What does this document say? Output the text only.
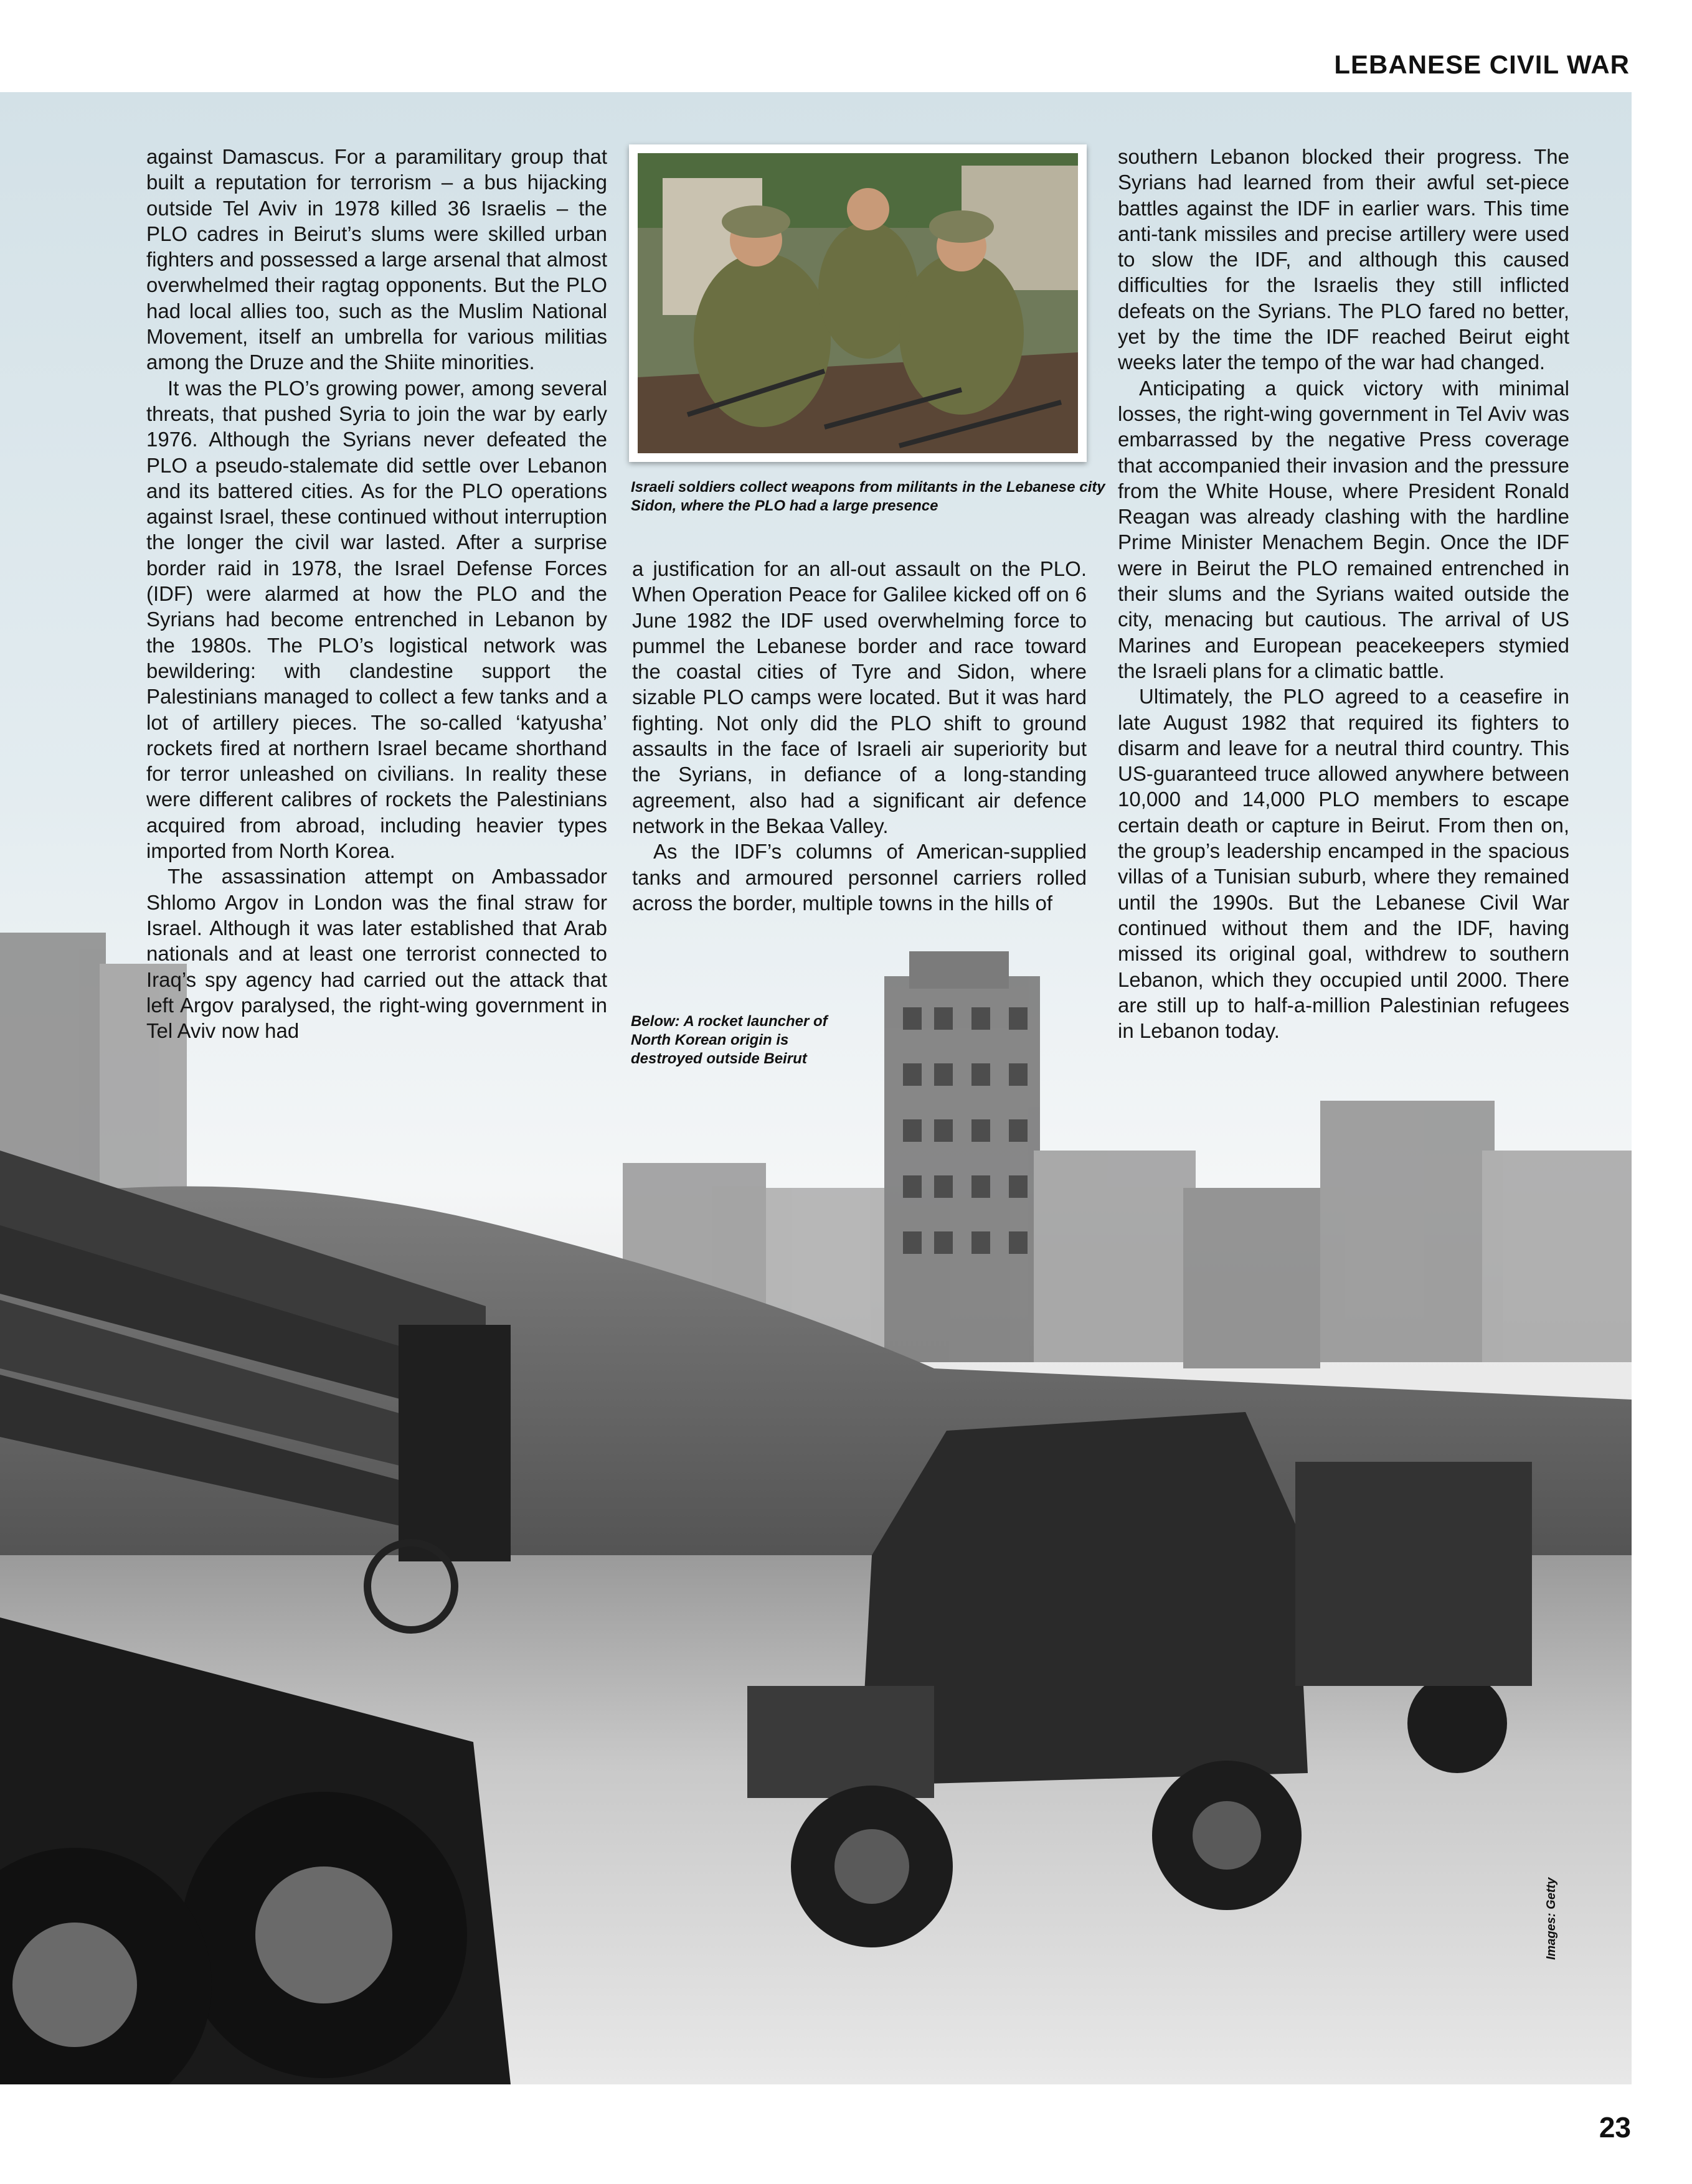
LEBANESE CIVIL WAR

against Damascus. For a paramilitary group that built a reputation for terrorism – a bus hijacking outside Tel Aviv in 1978 killed 36 Israelis – the PLO cadres in Beirut’s slums were skilled urban fighters and possessed a large arsenal that almost overwhelmed their ragtag opponents. But the PLO had local allies too, such as the Muslim National Movement, itself an umbrella for various militias among the Druze and the Shiite minorities.

It was the PLO’s growing power, among several threats, that pushed Syria to join the war by early 1976. Although the Syrians never defeated the PLO a pseudo-stalemate did settle over Lebanon and its battered cities. As for the PLO operations against Israel, these continued without interruption the longer the civil war lasted. After a surprise border raid in 1978, the Israel Defense Forces (IDF) were alarmed at how the PLO and the Syrians had become entrenched in Lebanon by the 1980s. The PLO’s logistical network was bewildering: with clandestine support the Palestinians managed to collect a few tanks and a lot of artillery pieces. The so-called ‘katyusha’ rockets fired at northern Israel became shorthand for terror unleashed on civilians. In reality these were different calibres of rockets the Palestinians acquired from abroad, including heavier types imported from North Korea.

The assassination attempt on Ambassador Shlomo Argov in London was the final straw for Israel. Although it was later established that Arab nationals and at least one terrorist connected to Iraq’s spy agency had carried out the attack that left Argov paralysed, the right-wing government in Tel Aviv now had

Israeli soldiers collect weapons from militants in the Lebanese city Sidon, where the PLO had a large presence

a justification for an all-out assault on the PLO. When Operation Peace for Galilee kicked off on 6 June 1982 the IDF used overwhelming force to pummel the Lebanese border and race toward the coastal cities of Tyre and Sidon, where sizable PLO camps were located. But it was hard fighting. Not only did the PLO shift to ground assaults in the face of Israeli air superiority but the Syrians, in defiance of a long-standing agreement, also had a significant air defence network in the Bekaa Valley.

As the IDF’s columns of American-supplied tanks and armoured personnel carriers rolled across the border, multiple towns in the hills of

Below: A rocket launcher of North Korean origin is destroyed outside Beirut

southern Lebanon blocked their progress. The Syrians had learned from their awful set-piece battles against the IDF in earlier wars. This time anti-tank missiles and precise artillery were used to slow the IDF, and although this caused difficulties for the Israelis they still inflicted defeats on the Syrians. The PLO fared no better, yet by the time the IDF reached Beirut eight weeks later the tempo of the war had changed.

Anticipating a quick victory with minimal losses, the right-wing government in Tel Aviv was embarrassed by the negative Press coverage that accompanied their invasion and the pressure from the White House, where President Ronald Reagan was already clashing with the hardline Prime Minister Menachem Begin. Once the IDF were in Beirut the PLO remained entrenched in their slums and the Syrians waited outside the city, menacing but cautious. The arrival of US Marines and European peacekeepers stymied the Israeli plans for a climatic battle.

Ultimately, the PLO agreed to a ceasefire in late August 1982 that required its fighters to disarm and leave for a neutral third country. This US-guaranteed truce allowed anywhere between 10,000 and 14,000 PLO members to escape certain death or capture in Beirut. From then on, the group’s leadership encamped in the spacious villas of a Tunisian suburb, where they remained until the 1990s. But the Lebanese Civil War continued without them and the IDF, having missed its original goal, withdrew to southern Lebanon, which they occupied until 2000. There are still up to half-a-million Palestinian refugees in Lebanon today.

Images: Getty
23
